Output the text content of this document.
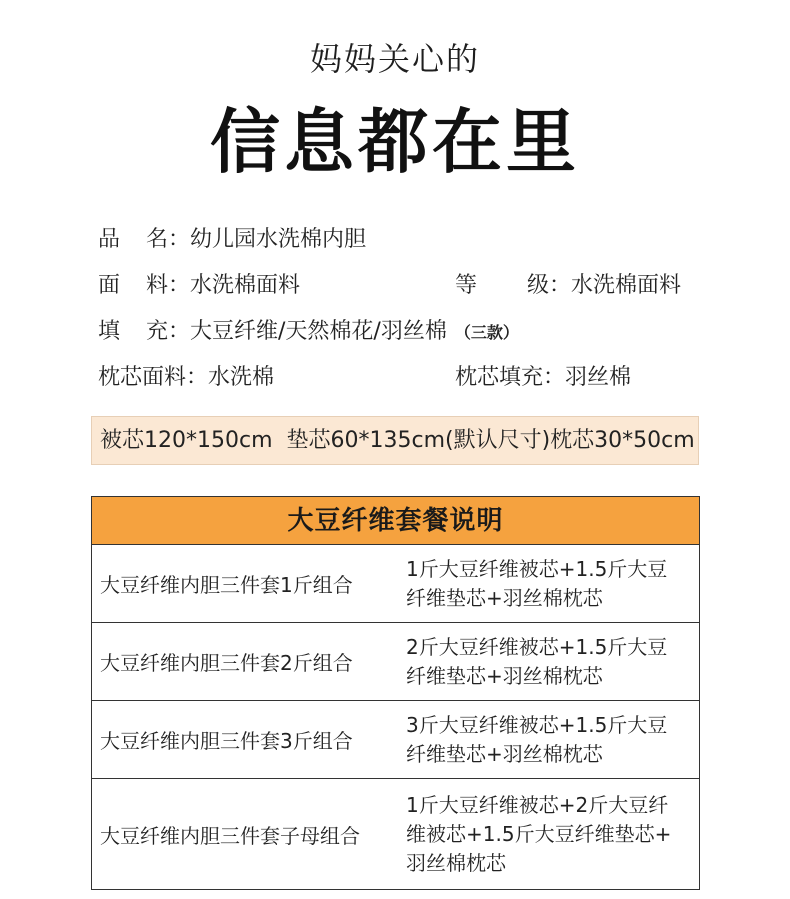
妈妈关心的
信息都在里
品名：幼儿园水洗棉内胆
面料：水洗棉面料	等级：水洗棉面料
填充：大豆纤维/天然棉花/羽丝棉 （三款）
枕芯面料：水洗棉	枕芯填充：羽丝棉
被芯120*150cm  垫芯60*135cm(默认尺寸)枕芯30*50cm
大豆纤维套餐说明
大豆纤维内胆三件套1斤组合
1斤大豆纤维被芯+1.5斤大豆
纤维垫芯+羽丝棉枕芯
大豆纤维内胆三件套2斤组合
2斤大豆纤维被芯+1.5斤大豆
纤维垫芯+羽丝棉枕芯
大豆纤维内胆三件套3斤组合
3斤大豆纤维被芯+1.5斤大豆
纤维垫芯+羽丝棉枕芯
大豆纤维内胆三件套子母组合
1斤大豆纤维被芯+2斤大豆纤
维被芯+1.5斤大豆纤维垫芯+
羽丝棉枕芯
